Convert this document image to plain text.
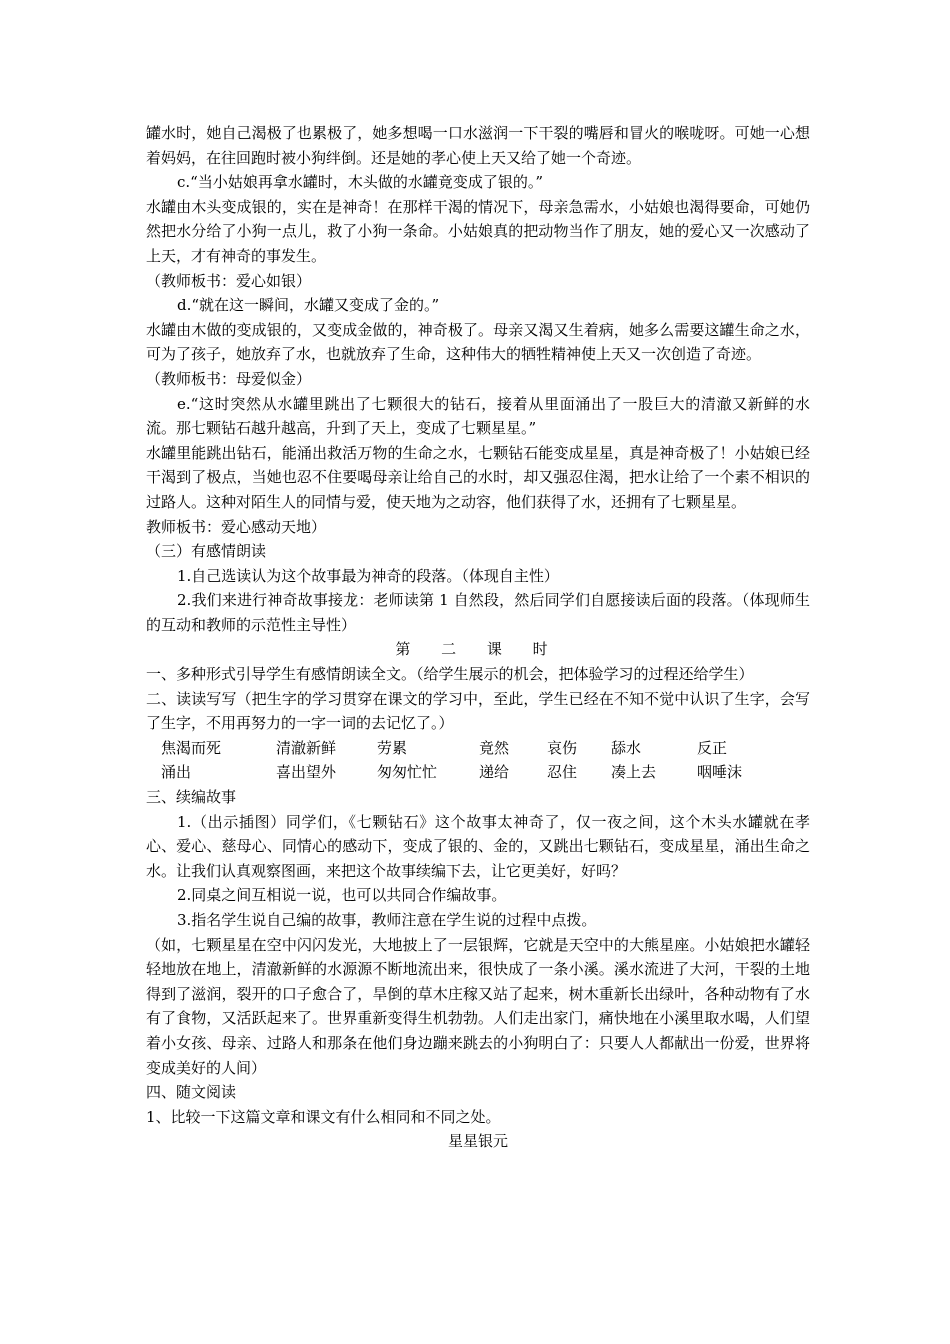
罐水时，她自己渴极了也累极了，她多想喝一口水滋润一下干裂的嘴唇和冒火的喉咙呀。可她一心想着妈妈，在往回跑时被小狗绊倒。还是她的孝心使上天又给了她一个奇迹。

c.“当小姑娘再拿水罐时，木头做的水罐竟变成了银的。”

水罐由木头变成银的，实在是神奇！在那样干渴的情况下，母亲急需水，小姑娘也渴得要命，可她仍然把水分给了小狗一点儿，救了小狗一条命。小姑娘真的把动物当作了朋友，她的爱心又一次感动了上天，才有神奇的事发生。

（教师板书：爱心如银）

d.“就在这一瞬间，水罐又变成了金的。”

水罐由木做的变成银的，又变成金做的，神奇极了。母亲又渴又生着病，她多么需要这罐生命之水，可为了孩子，她放弃了水，也就放弃了生命，这种伟大的牺牲精神使上天又一次创造了奇迹。

（教师板书：母爱似金）

e.“这时突然从水罐里跳出了七颗很大的钻石，接着从里面涌出了一股巨大的清澈又新鲜的水流。那七颗钻石越升越高，升到了天上，变成了七颗星星。”

水罐里能跳出钻石，能涌出救活万物的生命之水，七颗钻石能变成星星，真是神奇极了！小姑娘已经干渴到了极点，当她也忍不住要喝母亲让给自己的水时，却又强忍住渴，把水让给了一个素不相识的过路人。这种对陌生人的同情与爱，使天地为之动容，他们获得了水，还拥有了七颗星星。

教师板书：爱心感动天地）

（三）有感情朗读

1.自己选读认为这个故事最为神奇的段落。（体现自主性）

2.我们来进行神奇故事接龙：老师读第 1 自然段，然后同学们自愿接读后面的段落。（体现师生的互动和教师的示范性主导性）

第 二 课 时

一、多种形式引导学生有感情朗读全文。（给学生展示的机会，把体验学习的过程还给学生）

二、读读写写（把生字的学习贯穿在课文的学习中，至此，学生已经在不知不觉中认识了生字，会写了生字，不用再努力的一字一词的去记忆了。）

焦渴而死	清澈新鲜	劳累	竟然	哀伤	舔水	反正
涌出	喜出望外	匆匆忙忙	递给	忍住	凑上去	咽唾沫

三、续编故事

1.（出示插图）同学们，《七颗钻石》这个故事太神奇了，仅一夜之间，这个木头水罐就在孝心、爱心、慈母心、同情心的感动下，变成了银的、金的，又跳出七颗钻石，变成星星，涌出生命之水。让我们认真观察图画，来把这个故事续编下去，让它更美好，好吗？

2.同桌之间互相说一说，也可以共同合作编故事。

3.指名学生说自己编的故事，教师注意在学生说的过程中点拨。

（如，七颗星星在空中闪闪发光，大地披上了一层银辉，它就是天空中的大熊星座。小姑娘把水罐轻轻地放在地上，清澈新鲜的水源源不断地流出来，很快成了一条小溪。溪水流进了大河，干裂的土地得到了滋润，裂开的口子愈合了，旱倒的草木庄稼又站了起来，树木重新长出绿叶，各种动物有了水有了食物，又活跃起来了。世界重新变得生机勃勃。人们走出家门，痛快地在小溪里取水喝，人们望着小女孩、母亲、过路人和那条在他们身边蹦来跳去的小狗明白了：只要人人都献出一份爱，世界将变成美好的人间）

四、随文阅读

1、比较一下这篇文章和课文有什么相同和不同之处。

星星银元
